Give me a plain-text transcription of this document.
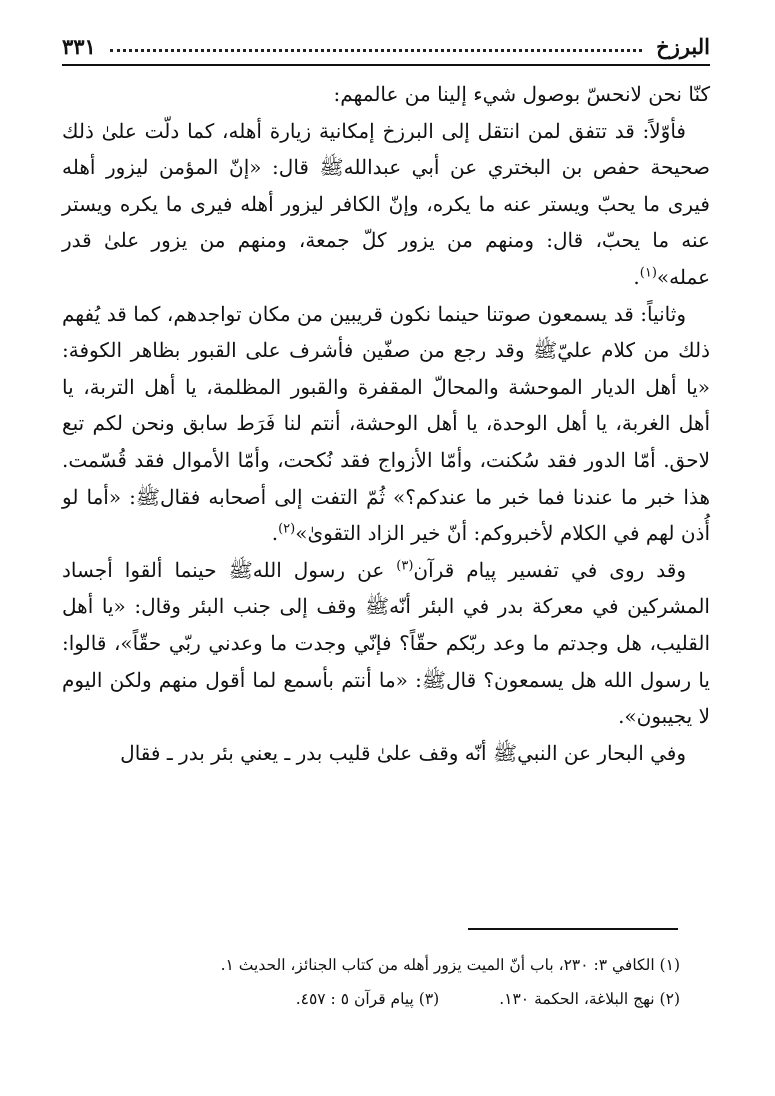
البرزخ
٣٣١

كنّا نحن لانحسّ بوصول شيء إلينا من عالمهم:

فأوّلاً: قد تتفق لمن انتقل إلى البرزخ إمكانية زيارة أهله، كما دلّت علىٰ ذلك صحيحة حفص بن البختري عن أبي عبدالله‏ﷺ قال: «إنّ المؤمن ليزور أهله فيرى ما يحبّ ويستر عنه ما يكره، وإنّ الكافر ليزور أهله فيرى ما يكره ويستر عنه ما يحبّ، قال: ومنهم من يزور كلّ جمعة، ومنهم من يزور علىٰ قدر عمله»$^{(١)}$.

وثانياً: قد يسمعون صوتنا حينما نكون قريبين من مكان تواجدهم، كما قد يُفهم ذلك من كلام عليّ‏ﷺ وقد رجع من صفّين فأشرف على القبور بظاهر الكوفة: «يا أهل الديار الموحشة والمحالّ المقفرة والقبور المظلمة، يا أهل التربة، يا أهل الغربة، يا أهل الوحدة، يا أهل الوحشة، أنتم لنا فَرَط سابق ونحن لكم تبع لاحق. أمّا الدور فقد سُكنت، وأمّا الأزواج فقد نُكحت، وأمّا الأموال فقد قُسّمت. هذا خبر ما عندنا فما خبر ما عندكم؟» ثُمّ التفت إلى أصحابه فقال‏ﷺ: «أما لو أُذن لهم في الكلام لأخبروكم: أنّ خير الزاد التقوىٰ»$^{(٢)}$.

وقد روى في تفسير پيام قرآن$^{(٣)}$ عن رسول الله‏ﷺ حينما ألقوا أجساد المشركين في معركة بدر في البئر أنّه‏ﷺ وقف إلى جنب البئر وقال: «يا أهل القليب، هل وجدتم ما وعد ربّكم حقّاً؟ فإنّي وجدت ما وعدني ربّي حقّاً»، قالوا: يا رسول الله هل يسمعون؟ قال‏ﷺ: «ما أنتم بأسمع لما أقول منهم ولكن اليوم لا يجيبون».

وفي البحار عن النبي‏ﷺ أنّه وقف علىٰ قليب بدر ـ يعني بئر بدر ـ فقال

(١) الكافي ٣: ٢٣٠، باب أنّ الميت يزور أهله من كتاب الجنائز، الحديث ١.
(٢) نهج البلاغة، الحكمة ١٣٠.
(٣) پيام قرآن ٥ : ٤٥٧.
